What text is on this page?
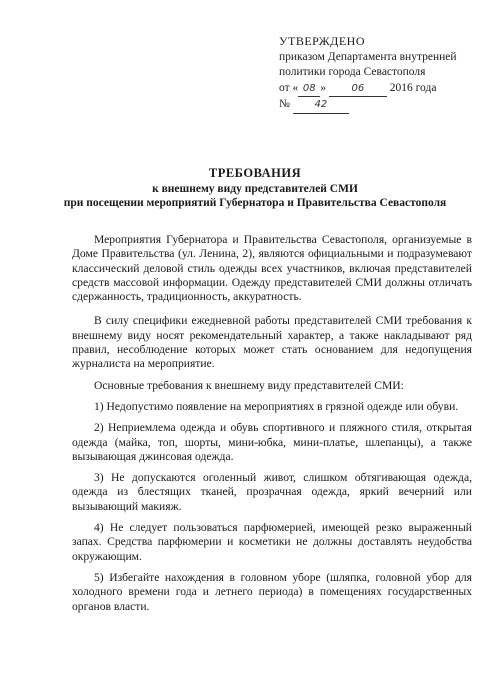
УТВЕРЖДЕНО
приказом Департамента внутренней
политики города Севастополя
от « 08 »	06 2016 года
№ 42
ТРЕБОВАНИЯ
к внешнему виду представителей СМИ
при посещении мероприятий Губернатора и Правительства Севастополя

Мероприятия Губернатора и Правительства Севастополя, организуемые в Доме Правительства (ул. Ленина, 2), являются официальными и подразумевают классический деловой стиль одежды всех участников, включая представителей средств массовой информации. Одежду представителей СМИ должны отличать сдержанность, традиционность, аккуратность.

В силу специфики ежедневной работы представителей СМИ требования к внешнему виду носят рекомендательный характер, а также накладывают ряд правил, несоблюдение которых может стать основанием для недопущения журналиста на мероприятие.

Основные требования к внешнему виду представителей СМИ:

1) Недопустимо появление на мероприятиях в грязной одежде или обуви.

2) Неприемлема одежда и обувь спортивного и пляжного стиля, открытая одежда (майка, топ, шорты, мини-юбка, мини-платье, шлепанцы), а также вызывающая джинсовая одежда.

3) Не допускаются оголенный живот, слишком обтягивающая одежда, одежда из блестящих тканей, прозрачная одежда, яркий вечерний или вызывающий макияж.

4) Не следует пользоваться парфюмерией, имеющей резко выраженный запах. Средства парфюмерии и косметики не должны доставлять неудобства окружающим.

5) Избегайте нахождения в головном уборе (шляпка, головной убор для холодного времени года и летнего периода) в помещениях государственных органов власти.
